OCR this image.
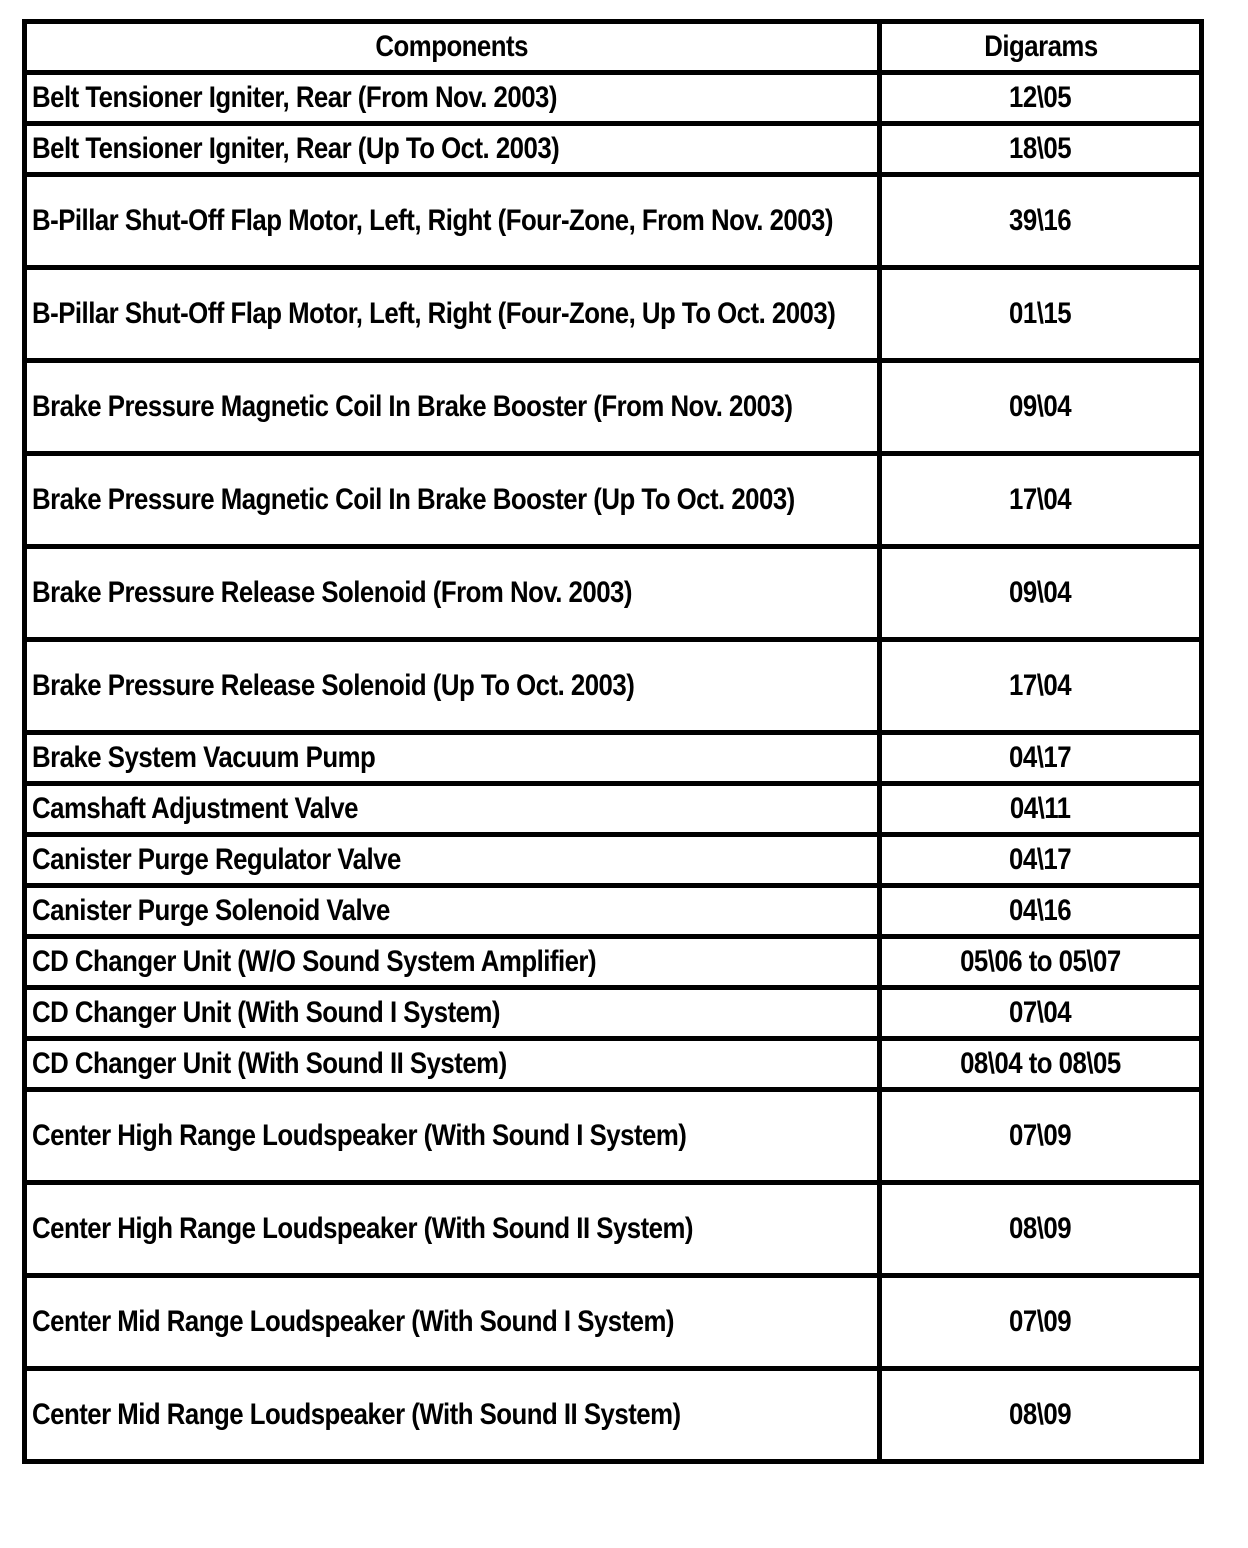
Components	Digarams
Belt Tensioner Igniter, Rear (From Nov. 2003)	12\05
Belt Tensioner Igniter, Rear (Up To Oct. 2003)	18\05
B-Pillar Shut-Off Flap Motor, Left, Right (Four-Zone, From Nov. 2003)	39\16
B-Pillar Shut-Off Flap Motor, Left, Right (Four-Zone, Up To Oct. 2003)	01\15
Brake Pressure Magnetic Coil In Brake Booster (From Nov. 2003)	09\04
Brake Pressure Magnetic Coil In Brake Booster (Up To Oct. 2003)	17\04
Brake Pressure Release Solenoid (From Nov. 2003)	09\04
Brake Pressure Release Solenoid (Up To Oct. 2003)	17\04
Brake System Vacuum Pump	04\17
Camshaft Adjustment Valve	04\11
Canister Purge Regulator Valve	04\17
Canister Purge Solenoid Valve	04\16
CD Changer Unit (W/O Sound System Amplifier)	05\06 to 05\07
CD Changer Unit (With Sound I System)	07\04
CD Changer Unit (With Sound II System)	08\04 to 08\05
Center High Range Loudspeaker (With Sound I System)	07\09
Center High Range Loudspeaker (With Sound II System)	08\09
Center Mid Range Loudspeaker (With Sound I System)	07\09
Center Mid Range Loudspeaker (With Sound II System)	08\09
